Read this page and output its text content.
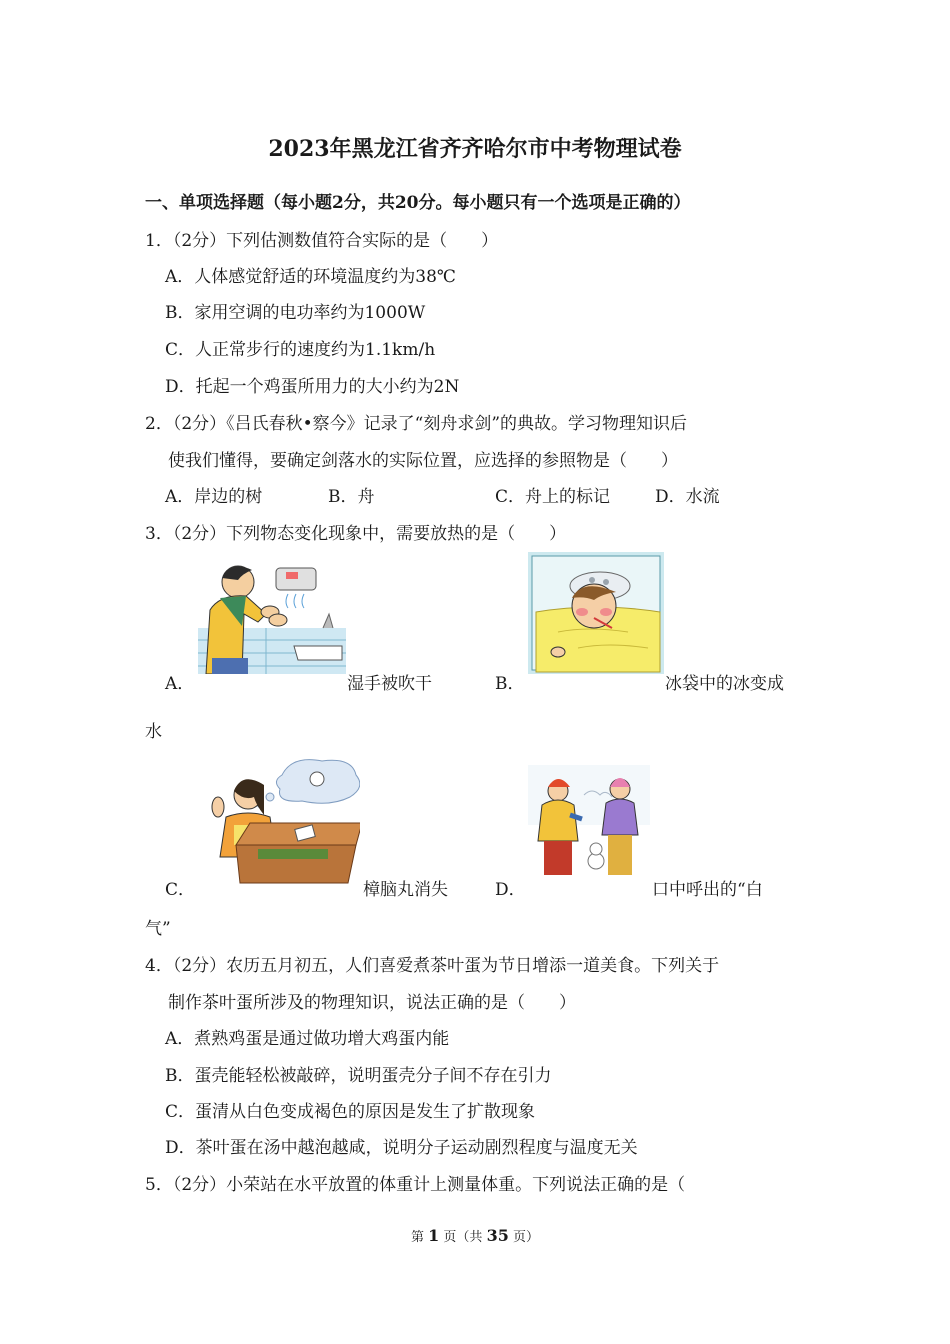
2023年黑龙江省齐齐哈尔市中考物理试卷
一、单项选择题（每小题2分，共20分。每小题只有一个选项是正确的）
1．（2分）下列估测数值符合实际的是（　　）
A．人体感觉舒适的环境温度约为38℃
B．家用空调的电功率约为1000W
C．人正常步行的速度约为1.1km/h
D．托起一个鸡蛋所用力的大小约为2N
2．（2分）《吕氏春秋•察今》记录了“刻舟求剑”的典故。学习物理知识后
使我们懂得，要确定剑落水的实际位置，应选择的参照物是（　　）
A．岸边的树	B．舟	C．舟上的标记	D．水流
3．（2分）下列物态变化现象中，需要放热的是（　　）
A．	湿手被吹干	B．	冰袋中的冰变成
水
C．	樟脑丸消失	D．	口中呼出的“白
气”
4．（2分）农历五月初五，人们喜爱煮茶叶蛋为节日增添一道美食。下列关于
制作茶叶蛋所涉及的物理知识，说法正确的是（　　）
A．煮熟鸡蛋是通过做功增大鸡蛋内能
B．蛋壳能轻松被敲碎，说明蛋壳分子间不存在引力
C．蛋清从白色变成褐色的原因是发生了扩散现象
D．茶叶蛋在汤中越泡越咸，说明分子运动剧烈程度与温度无关
5．（2分）小荣站在水平放置的体重计上测量体重。下列说法正确的是（
第 1 页（共 35 页）
